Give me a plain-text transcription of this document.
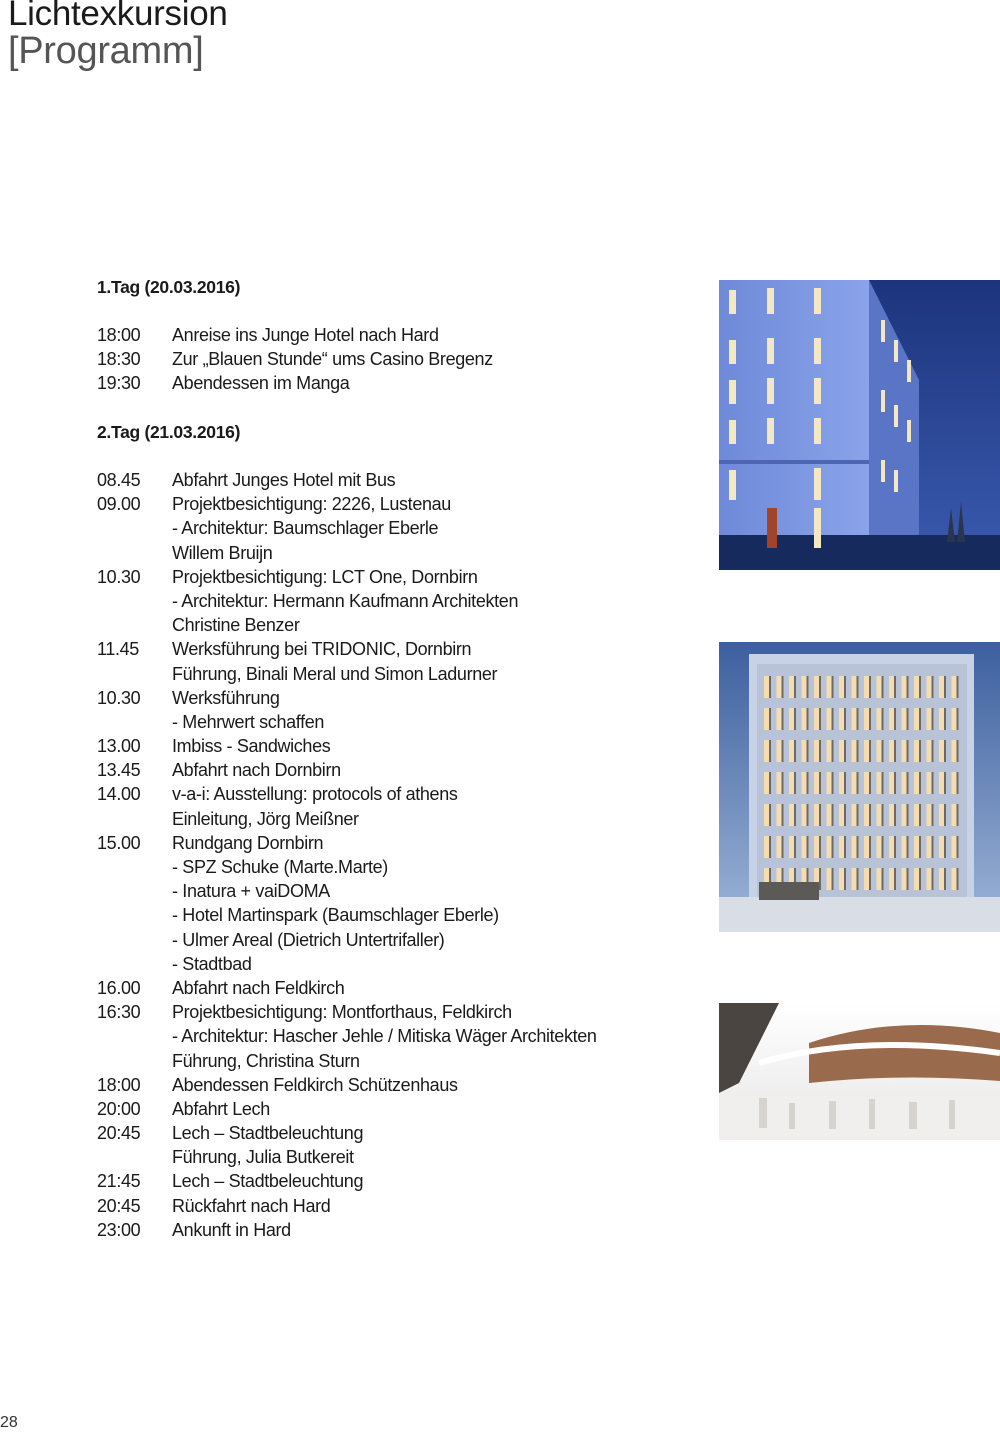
Lichtexkursion
[Programm]
1.Tag (20.03.2016)
18:00	Anreise ins Junge Hotel nach Hard
18:30	Zur „Blauen Stunde“ ums Casino Bregenz
19:30	Abendessen im Manga
2.Tag (21.03.2016)
08.45	Abfahrt Junges Hotel mit Bus
09.00	Projektbesichtigung: 2226, Lustenau
- Architektur: Baumschlager Eberle
Willem Bruijn
10.30	Projektbesichtigung: LCT One, Dornbirn
- Architektur: Hermann Kaufmann Architekten
Christine Benzer
11.45	Werksführung bei TRIDONIC, Dornbirn
Führung, Binali Meral und Simon Ladurner
10.30	Werksführung
- Mehrwert schaffen
13.00	Imbiss - Sandwiches
13.45	Abfahrt nach Dornbirn
14.00	v-a-i: Ausstellung: protocols of athens
Einleitung, Jörg Meißner
15.00	Rundgang Dornbirn
- SPZ Schuke (Marte.Marte)
- Inatura + vaiDOMA
- Hotel Martinspark (Baumschlager Eberle)
- Ulmer Areal (Dietrich Untertrifaller)
- Stadtbad
16.00	Abfahrt nach Feldkirch
16:30	Projektbesichtigung: Montforthaus, Feldkirch
- Architektur: Hascher Jehle / Mitiska Wäger Architekten
Führung, Christina Sturn
18:00	Abendessen Feldkirch Schützenhaus
20:00	Abfahrt Lech
20:45	Lech – Stadtbeleuchtung
Führung, Julia Butkereit
21:45	Lech – Stadtbeleuchtung
20:45	Rückfahrt nach Hard
23:00	Ankunft in Hard
28
